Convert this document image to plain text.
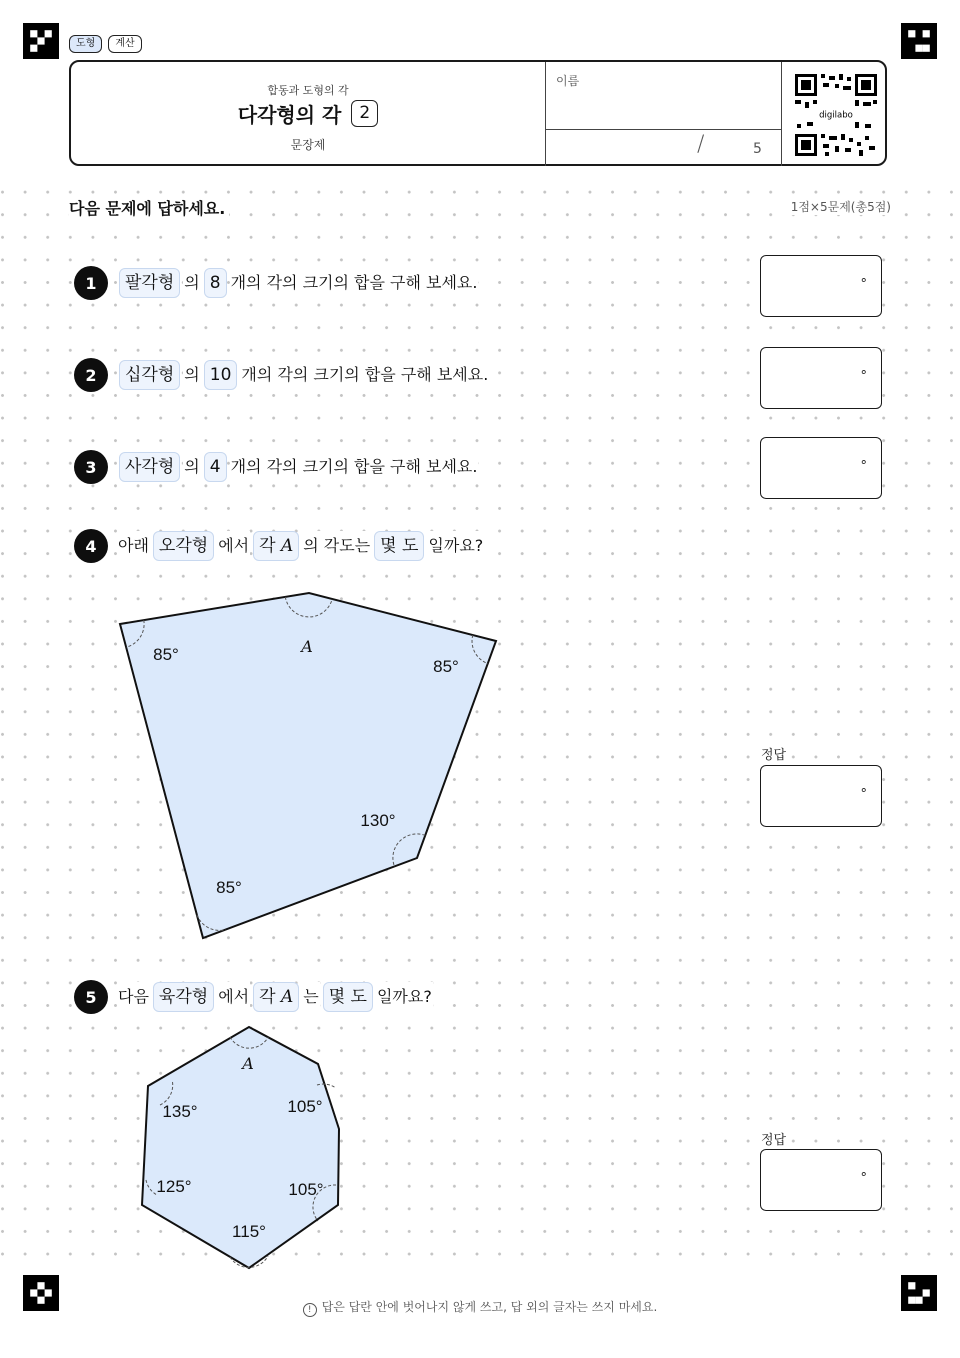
도형	계산
합동과 도형의 각
다각형의 각	2
문장제
이름
/	5
digilabo
다음 문제에 답하세요.	1점×5문제(총5점)
1	팔각형 의 8 개의 각의 크기의 합을 구해 보세요.	°
2	십각형 의 10 개의 각의 크기의 합을 구해 보세요.	°
3	사각형 의 4 개의 각의 크기의 합을 구해 보세요.	°
4	아래 오각형 에서 각 A 의 각도는 몇 도 일까요?
A
85°
85°
130°
85°
정답
°
5	다음 육각형 에서 각 A 는 몇 도 일까요?
A
135°	105°
125°	105°
115°
정답
°
! 답은 답란 안에 벗어나지 않게 쓰고, 답 외의 글자는 쓰지 마세요.
